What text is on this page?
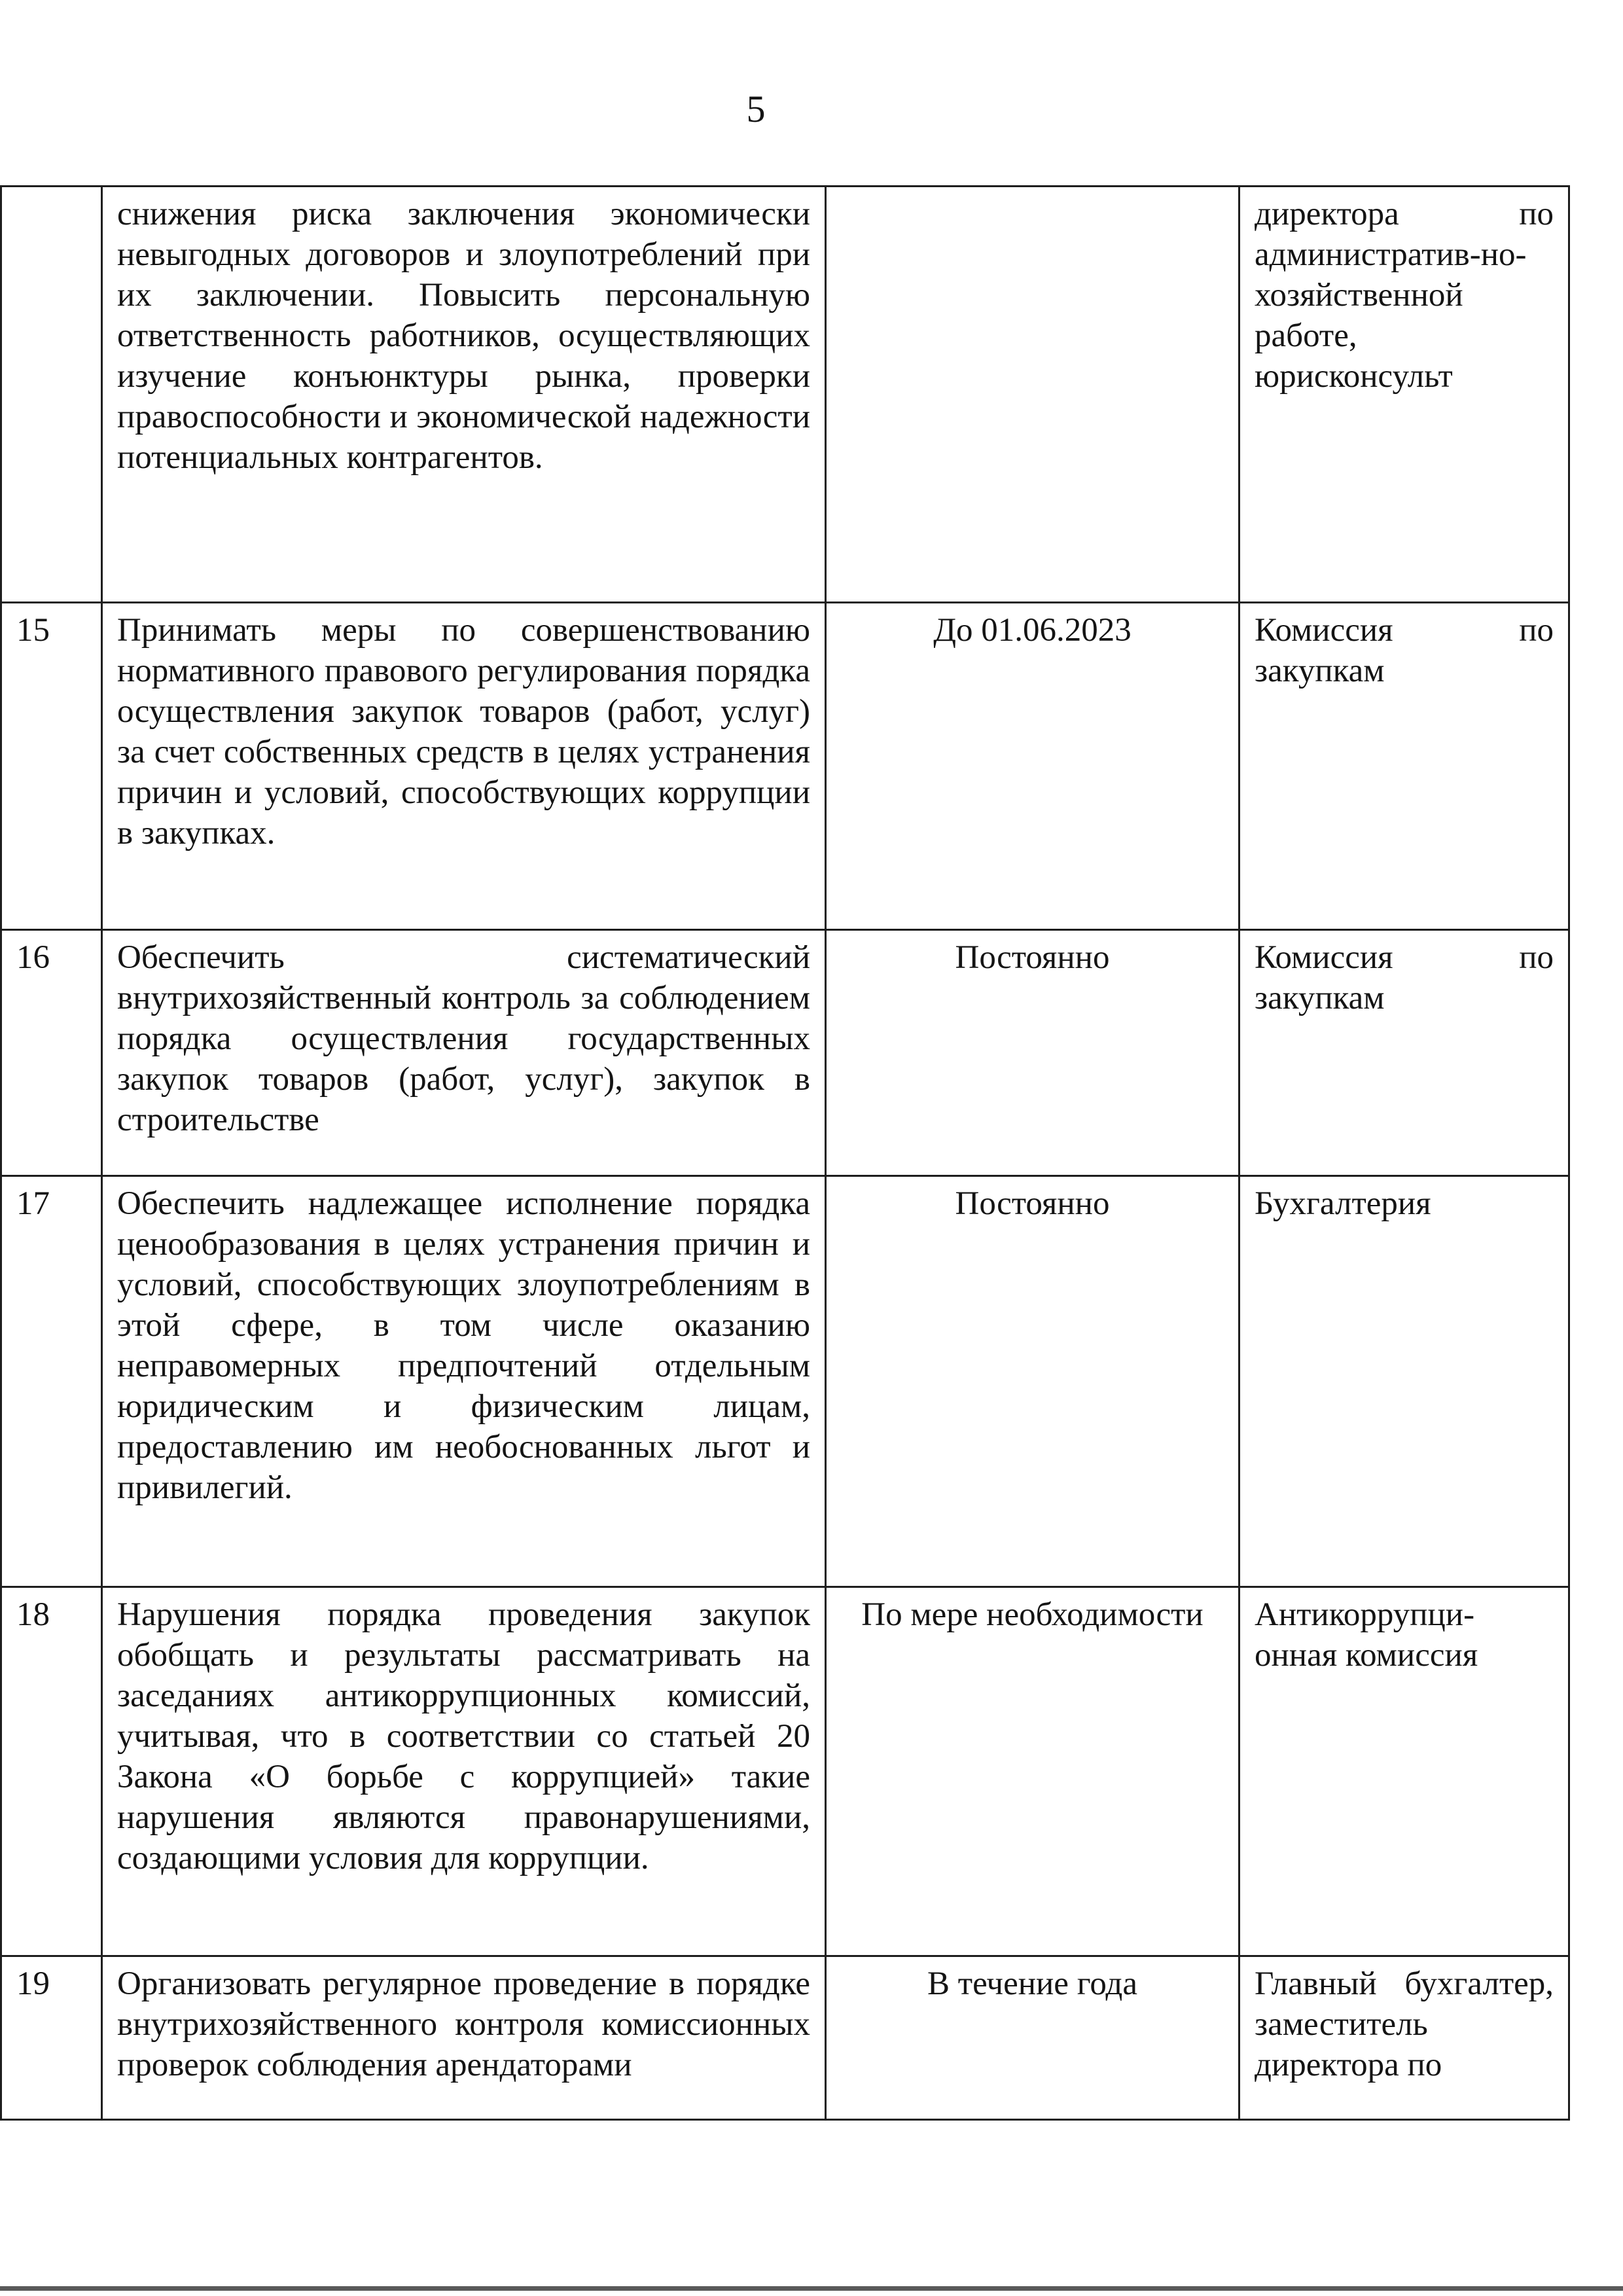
5
	снижения риска заключения экономически невыгодных договоров и злоупотреблений при их заключении. Повысить персональную ответственность работников, осуществляющих изучение конъюнктуры рынка, проверки правоспособности и экономической надежности потенциальных контрагентов.		директора по административ-но-хозяйственной работе, юрисконсульт
15	Принимать меры по совершенствованию нормативного правового регулирования порядка осуществления закупок товаров (работ, услуг) за счет собственных средств в целях устранения причин и условий, способствующих коррупции в закупках.	До 01.06.2023	Комиссия по закупкам
16	Обеспечить систематический внутрихозяйственный контроль за соблюдением порядка осуществления государственных закупок товаров (работ, услуг), закупок в строительстве	Постоянно	Комиссия по закупкам
17	Обеспечить надлежащее исполнение порядка ценообразования в целях устранения причин и условий, способствующих злоупотреблениям в этой сфере, в том числе оказанию неправомерных предпочтений отдельным юридическим и физическим лицам, предоставлению им необоснованных льгот и привилегий.	Постоянно	Бухгалтерия
18	Нарушения порядка проведения закупок обобщать и результаты рассматривать на заседаниях антикоррупционных комиссий, учитывая, что в соответствии со статьей 20 Закона «О борьбе с коррупцией» такие нарушения являются правонарушениями, создающими условия для коррупции.	По мере необходимости	Антикоррупци-онная комиссия
19	Организовать регулярное проведение в порядке внутрихозяйственного контроля комиссионных проверок соблюдения арендаторами	В течение года	Главный бухгалтер, заместитель директора по
